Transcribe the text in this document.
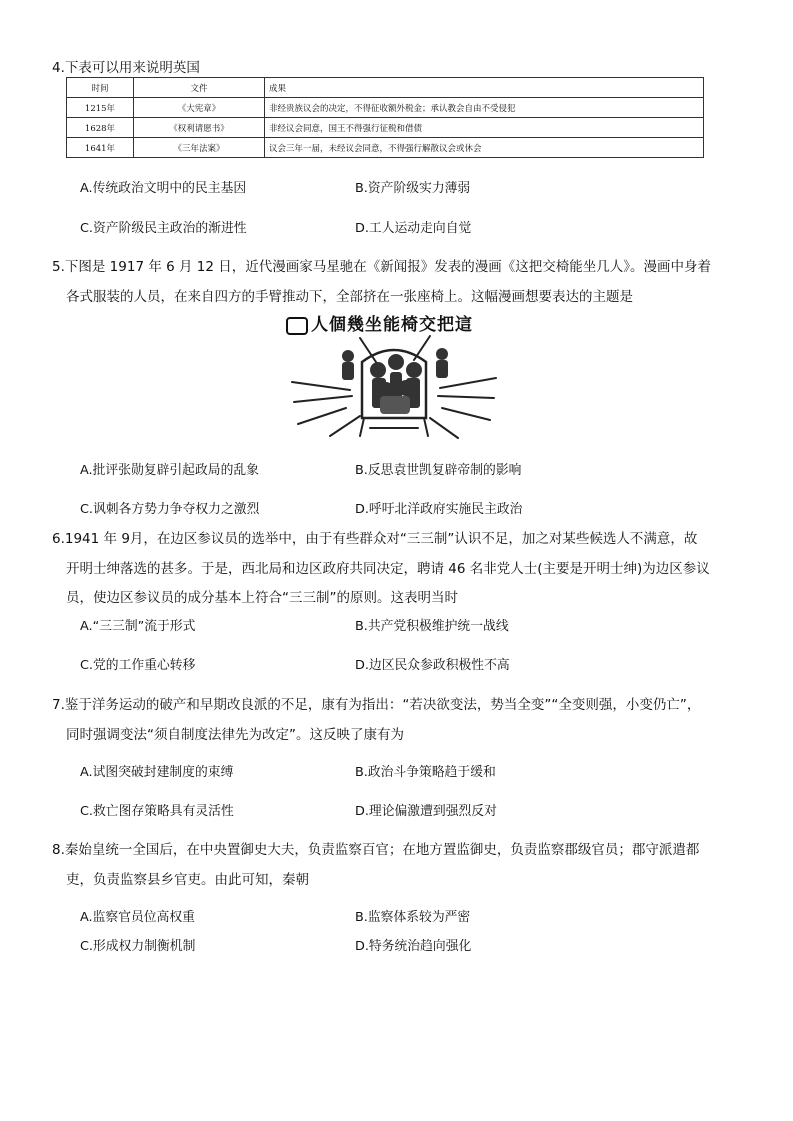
4.下表可以用来说明英国
时间	文件	成果
1215年	《大宪章》	非经贵族议会的决定，不得征收额外税金；承认教会自由不受侵犯
1628年	《权利请愿书》	非经议会同意，国王不得强行征税和借债
1641年	《三年法案》	议会三年一届，未经议会同意，不得强行解散议会或休会
A.传统政治文明中的民主基因	B.资产阶级实力薄弱
C.资产阶级民主政治的渐进性	D.工人运动走向自觉
5.下图是 1917 年 6 月 12 日，近代漫画家马星驰在《新闻报》发表的漫画《这把交椅能坐几人》。漫画中身着
各式服装的人员，在来自四方的手臂推动下，全部挤在一张座椅上。这幅漫画想要表达的主题是
人個幾坐能椅交把這
A.批评张勋复辟引起政局的乱象	B.反思袁世凯复辟帝制的影响
C.讽刺各方势力争夺权力之激烈	D.呼吁北洋政府实施民主政治
6.1941 年 9月，在边区参议员的选举中，由于有些群众对“三三制”认识不足，加之对某些候选人不满意，故
开明士绅落选的甚多。于是，西北局和边区政府共同决定，聘请 46 名非党人士(主要是开明士绅)为边区参议
员，使边区参议员的成分基本上符合“三三制”的原则。这表明当时
A.“三三制”流于形式	B.共产党积极维护统一战线
C.党的工作重心转移	D.边区民众参政积极性不高
7.鉴于洋务运动的破产和早期改良派的不足，康有为指出：“若决欲变法，势当全变”“全变则强，小变仍亡”，
同时强调变法“须自制度法律先为改定”。这反映了康有为
A.试图突破封建制度的束缚	B.政治斗争策略趋于缓和
C.救亡图存策略具有灵活性	D.理论偏激遭到强烈反对
8.秦始皇统一全国后，在中央置御史大夫，负责监察百官；在地方置监御史，负责监察郡级官员；郡守派遣都
吏，负责监察县乡官吏。由此可知，秦朝
A.监察官员位高权重	B.监察体系较为严密
C.形成权力制衡机制	D.特务统治趋向强化
